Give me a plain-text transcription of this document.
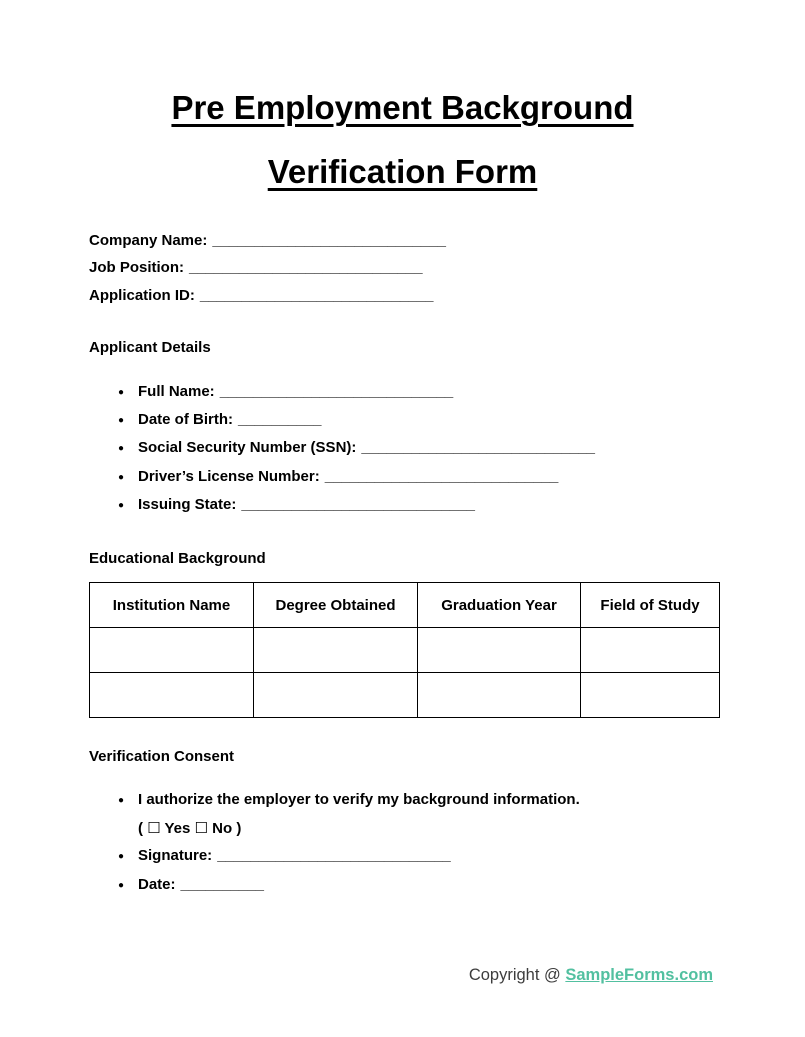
Pre Employment Background
Verification Form
Company Name: ____________________________
Job Position: ____________________________
Application ID: ____________________________
Applicant Details
● Full Name: ____________________________
● Date of Birth: __________
● Social Security Number (SSN): ____________________________
● Driver’s License Number: ____________________________
● Issuing State: ____________________________
Educational Background
Institution Name	Degree Obtained	Graduation Year	Field of Study

Verification Consent
● I authorize the employer to verify my background information.
( ☐ Yes ☐ No )
● Signature: ____________________________
● Date: __________
Copyright @ SampleForms.com
